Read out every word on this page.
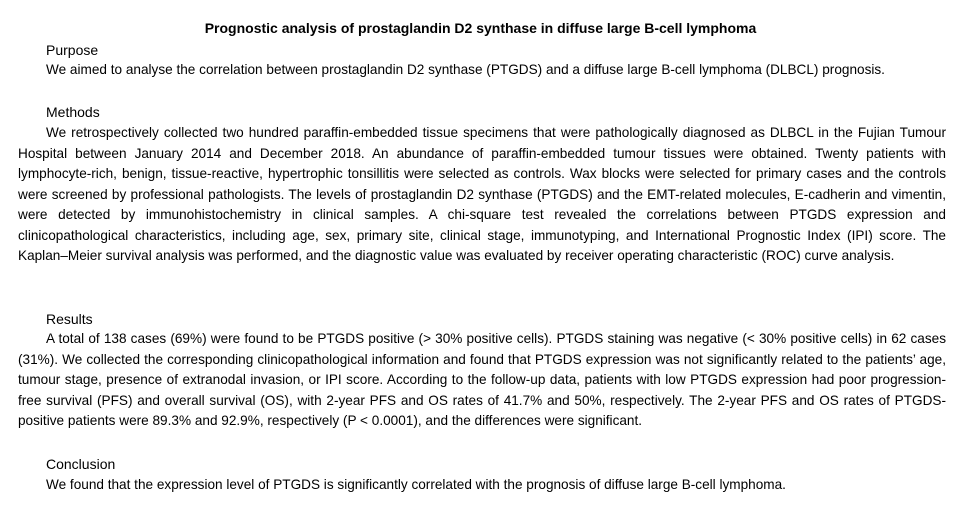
Prognostic analysis of prostaglandin D2 synthase in diffuse large B-cell lymphoma
Purpose
We aimed to analyse the correlation between prostaglandin D2 synthase (PTGDS) and a diffuse large B-cell lymphoma (DLBCL) prognosis.
Methods

We retrospectively collected two hundred paraffin-embedded tissue specimens that were pathologically diagnosed as DLBCL in the Fujian Tumour Hospital between January 2014 and December 2018. An abundance of paraffin-embedded tumour tissues were obtained. Twenty patients with lymphocyte-rich, benign, tissue-reactive, hypertrophic tonsillitis were selected as controls. Wax blocks were selected for primary cases and the controls were screened by professional pathologists. The levels of prostaglandin D2 synthase (PTGDS) and the EMT-related molecules, E-cadherin and vimentin, were detected by immunohistochemistry in clinical samples. A chi-square test revealed the correlations between PTGDS expression and clinicopathological characteristics, including age, sex, primary site, clinical stage, immunotyping, and International Prognostic Index (IPI) score. The Kaplan–Meier survival analysis was performed, and the diagnostic value was evaluated by receiver operating characteristic (ROC) curve analysis.

Results

A total of 138 cases (69%) were found to be PTGDS positive (> 30% positive cells). PTGDS staining was negative (< 30% positive cells) in 62 cases (31%). We collected the corresponding clinicopathological information and found that PTGDS expression was not significantly related to the patients’ age, tumour stage, presence of extranodal invasion, or IPI score. According to the follow-up data, patients with low PTGDS expression had poor progression-free survival (PFS) and overall survival (OS), with 2-year PFS and OS rates of 41.7% and 50%, respectively. The 2-year PFS and OS rates of PTGDS-positive patients were 89.3% and 92.9%, respectively (P < 0.0001), and the differences were significant.

Conclusion
We found that the expression level of PTGDS is significantly correlated with the prognosis of diffuse large B-cell lymphoma.
